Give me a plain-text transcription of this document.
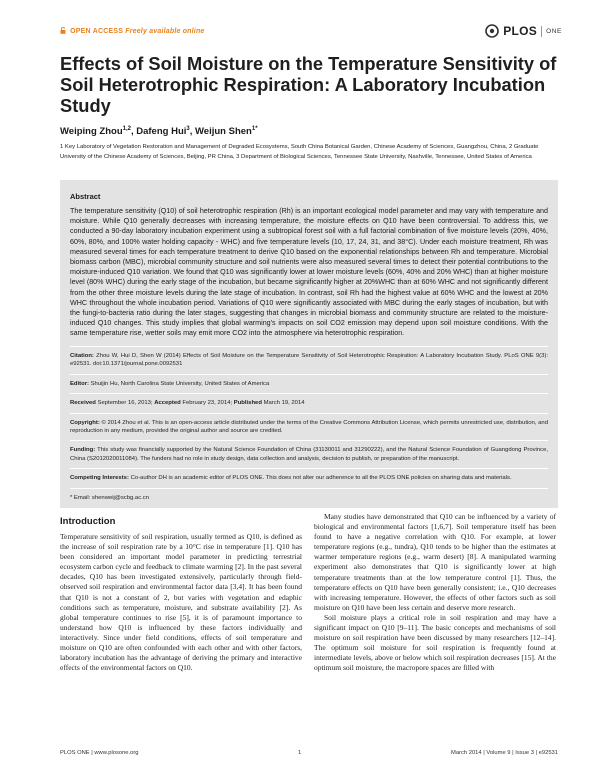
OPEN ACCESS Freely available online	PLOS ONE
Effects of Soil Moisture on the Temperature Sensitivity of Soil Heterotrophic Respiration: A Laboratory Incubation Study
Weiping Zhou$^{1,2}$, Dafeng Hui$^3$, Weijun Shen$^{1*}$
1 Key Laboratory of Vegetation Restoration and Management of Degraded Ecosystems, South China Botanical Garden, Chinese Academy of Sciences, Guangzhou, China, 2 Graduate University of the Chinese Academy of Sciences, Beijing, PR China, 3 Department of Biological Sciences, Tennessee State University, Nashville, Tennessee, United States of America
Abstract

The temperature sensitivity (Q10) of soil heterotrophic respiration (Rh) is an important ecological model parameter and may vary with temperature and moisture. While Q10 generally decreases with increasing temperature, the moisture effects on Q10 have been controversial. To address this, we conducted a 90-day laboratory incubation experiment using a subtropical forest soil with a full factorial combination of five moisture levels (20%, 40%, 60%, 80%, and 100% water holding capacity - WHC) and five temperature levels (10, 17, 24, 31, and 38°C). Under each moisture treatment, Rh was measured several times for each temperature treatment to derive Q10 based on the exponential relationships between Rh and temperature. Microbial biomass carbon (MBC), microbial community structure and soil nutrients were also measured several times to detect their potential contributions to the moisture-induced Q10 variation. We found that Q10 was significantly lower at lower moisture levels (60%, 40% and 20% WHC) than at higher moisture level (80% WHC) during the early stage of the incubation, but became significantly higher at 20%WHC than at 60% WHC and not significantly different from the other three moisture levels during the late stage of incubation. In contrast, soil Rh had the highest value at 60% WHC and the lowest at 20% WHC throughout the whole incubation period. Variations of Q10 were significantly associated with MBC during the early stages of incubation, but with the fungi-to-bacteria ratio during the later stages, suggesting that changes in microbial biomass and community structure are related to the moisture-induced Q10 changes. This study implies that global warming's impacts on soil CO2 emission may depend upon soil moisture conditions. With the same temperature rise, wetter soils may emit more CO2 into the atmosphere via heterotrophic respiration.

Citation: Zhou W, Hui D, Shen W (2014) Effects of Soil Moisture on the Temperature Sensitivity of Soil Heterotrophic Respiration: A Laboratory Incubation Study. PLoS ONE 9(3): e92531. doi:10.1371/journal.pone.0092531

Editor: Shuijin Hu, North Carolina State University, United States of America

Received September 16, 2013; Accepted February 23, 2014; Published March 19, 2014

Copyright: © 2014 Zhou et al. This is an open-access article distributed under the terms of the Creative Commons Attribution License, which permits unrestricted use, distribution, and reproduction in any medium, provided the original author and source are credited.

Funding: This study was financially supported by the Natural Science Foundation of China (31130011 and 31290222), and the Natural Science Foundation of Guangdong Province, China (S2012020011084). The funders had no role in study design, data collection and analysis, decision to publish, or preparation of the manuscript.

Competing Interests: Co-author DH is an academic editor of PLOS ONE. This does not alter our adherence to all the PLOS ONE policies on sharing data and materials.

* Email: shenweij@scbg.ac.cn

Introduction

Temperature sensitivity of soil respiration, usually termed as Q10, is defined as the increase of soil respiration rate by a 10°C rise in temperature [1]. Q10 has been considered an important model parameter in predicting terrestrial ecosystem carbon cycle and feedback to climate warming [2]. In the past several decades, Q10 has been investigated extensively, particularly through field-observed soil respiration and environmental factor data [3,4]. It has been found that Q10 is not a constant of 2, but varies with vegetation and edaphic conditions such as temperature, moisture, and substrate availability [2]. As global temperature continues to rise [5], it is of paramount importance to understand how Q10 is influenced by these factors individually and interactively. Since under field conditions, effects of soil temperature and moisture on Q10 are often confounded with each other and with other factors, laboratory incubation has the advantage of deriving the primary and interactive effects of the environmental factors on Q10.

Many studies have demonstrated that Q10 can be influenced by a variety of biological and environmental factors [1,6,7]. Soil temperature itself has been found to have a negative correlation with Q10. For example, at lower temperature regions (e.g., tundra), Q10 tends to be higher than the estimates at warmer temperature regions (e.g., warm desert) [8]. A manipulated warming experiment also demonstrates that Q10 is significantly lower at high temperature treatments than at the low temperature control [1]. Thus, the temperature effects on Q10 have been generally consistent; i.e., Q10 decreases with increasing temperature. However, the effects of other factors such as soil moisture on Q10 have been less certain and deserve more research.

Soil moisture plays a critical role in soil respiration and may have a significant impact on Q10 [9–11]. The basic concepts and mechanisms of soil moisture on soil respiration have been discussed by many researchers [12–14]. The optimum soil moisture for soil respiration is frequently found at intermediate levels, above or below which soil respiration decreases [15]. At the optimum soil moisture, the macropore spaces are filled with

PLOS ONE | www.plosone.org	1	March 2014 | Volume 9 | Issue 3 | e92531
